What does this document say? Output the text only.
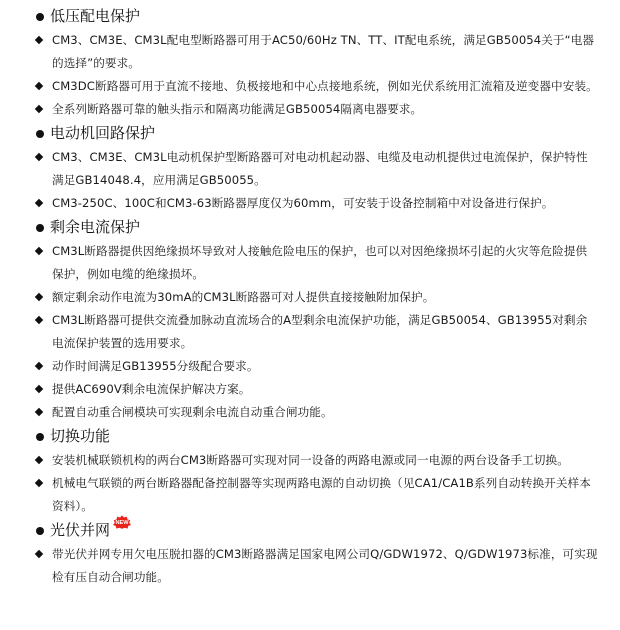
低压配电保护
CM3、CM3E、CM3L配电型断路器可用于AC50/60Hz TN、TT、IT配电系统，满足GB50054关于“电器的选择”的要求。
CM3DC断路器可用于直流不接地、负极接地和中心点接地系统，例如光伏系统用汇流箱及逆变器中安装。
全系列断路器可靠的触头指示和隔离功能满足GB50054隔离电器要求。
电动机回路保护
CM3、CM3E、CM3L电动机保护型断路器可对电动机起动器、电缆及电动机提供过电流保护，保护特性满足GB14048.4，应用满足GB50055。
CM3-250C、100C和CM3-63断路器厚度仅为60mm，可安装于设备控制箱中对设备进行保护。
剩余电流保护
CM3L断路器提供因绝缘损坏导致对人接触危险电压的保护，也可以对因绝缘损坏引起的火灾等危险提供保护，例如电缆的绝缘损坏。
额定剩余动作电流为30mA的CM3L断路器可对人提供直接接触附加保护。
CM3L断路器可提供交流叠加脉动直流场合的A型剩余电流保护功能，满足GB50054、GB13955对剩余电流保护装置的选用要求。
动作时间满足GB13955分级配合要求。
提供AC690V剩余电流保护解决方案。
配置自动重合闸模块可实现剩余电流自动重合闸功能。
切换功能
安装机械联锁机构的两台CM3断路器可实现对同一设备的两路电源或同一电源的两台设备手工切换。
机械电气联锁的两台断路器配备控制器等实现两路电源的自动切换（见CA1/CA1B系列自动转换开关样本资料）。
光伏并网 NEW
带光伏并网专用欠电压脱扣器的CM3断路器满足国家电网公司Q/GDW1972、Q/GDW1973标准，可实现检有压自动合闸功能。
